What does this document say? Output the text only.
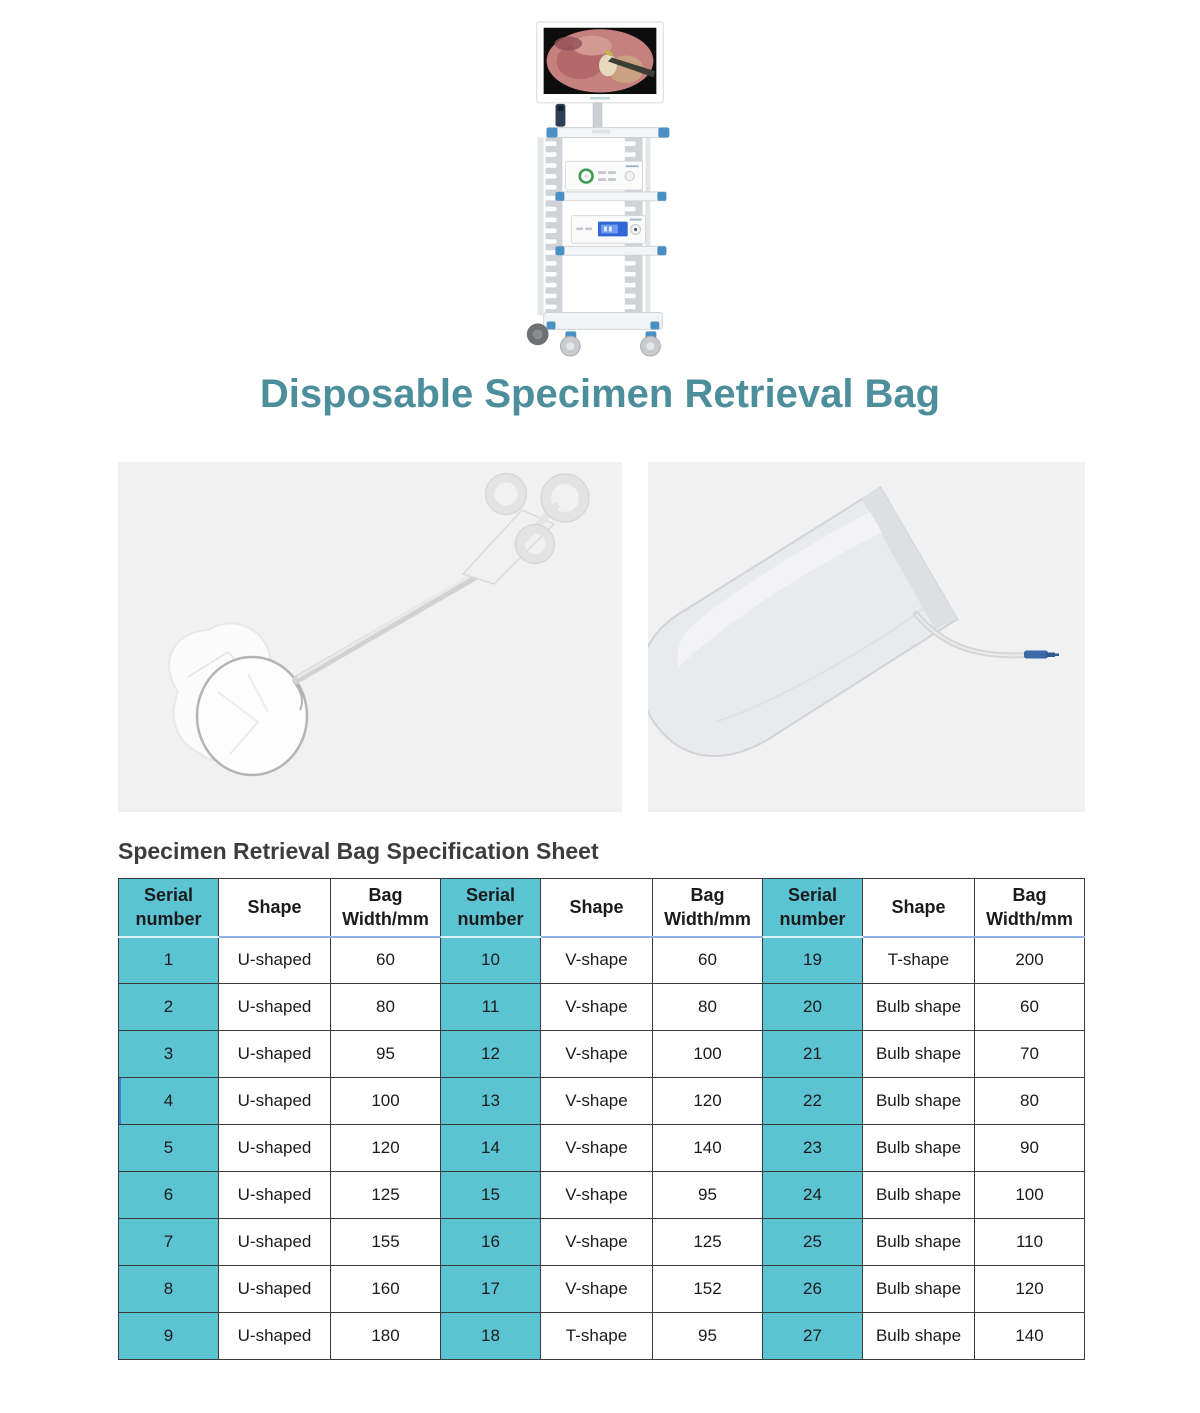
Disposable Specimen Retrieval Bag
Specimen Retrieval Bag Specification Sheet
Serial number	Shape	Bag Width/mm	Serial number	Shape	Bag Width/mm	Serial number	Shape	Bag Width/mm
1	U-shaped	60	10	V-shape	60	19	T-shape	200
2	U-shaped	80	11	V-shape	80	20	Bulb shape	60
3	U-shaped	95	12	V-shape	100	21	Bulb shape	70
4	U-shaped	100	13	V-shape	120	22	Bulb shape	80
5	U-shaped	120	14	V-shape	140	23	Bulb shape	90
6	U-shaped	125	15	V-shape	95	24	Bulb shape	100
7	U-shaped	155	16	V-shape	125	25	Bulb shape	110
8	U-shaped	160	17	V-shape	152	26	Bulb shape	120
9	U-shaped	180	18	T-shape	95	27	Bulb shape	140
